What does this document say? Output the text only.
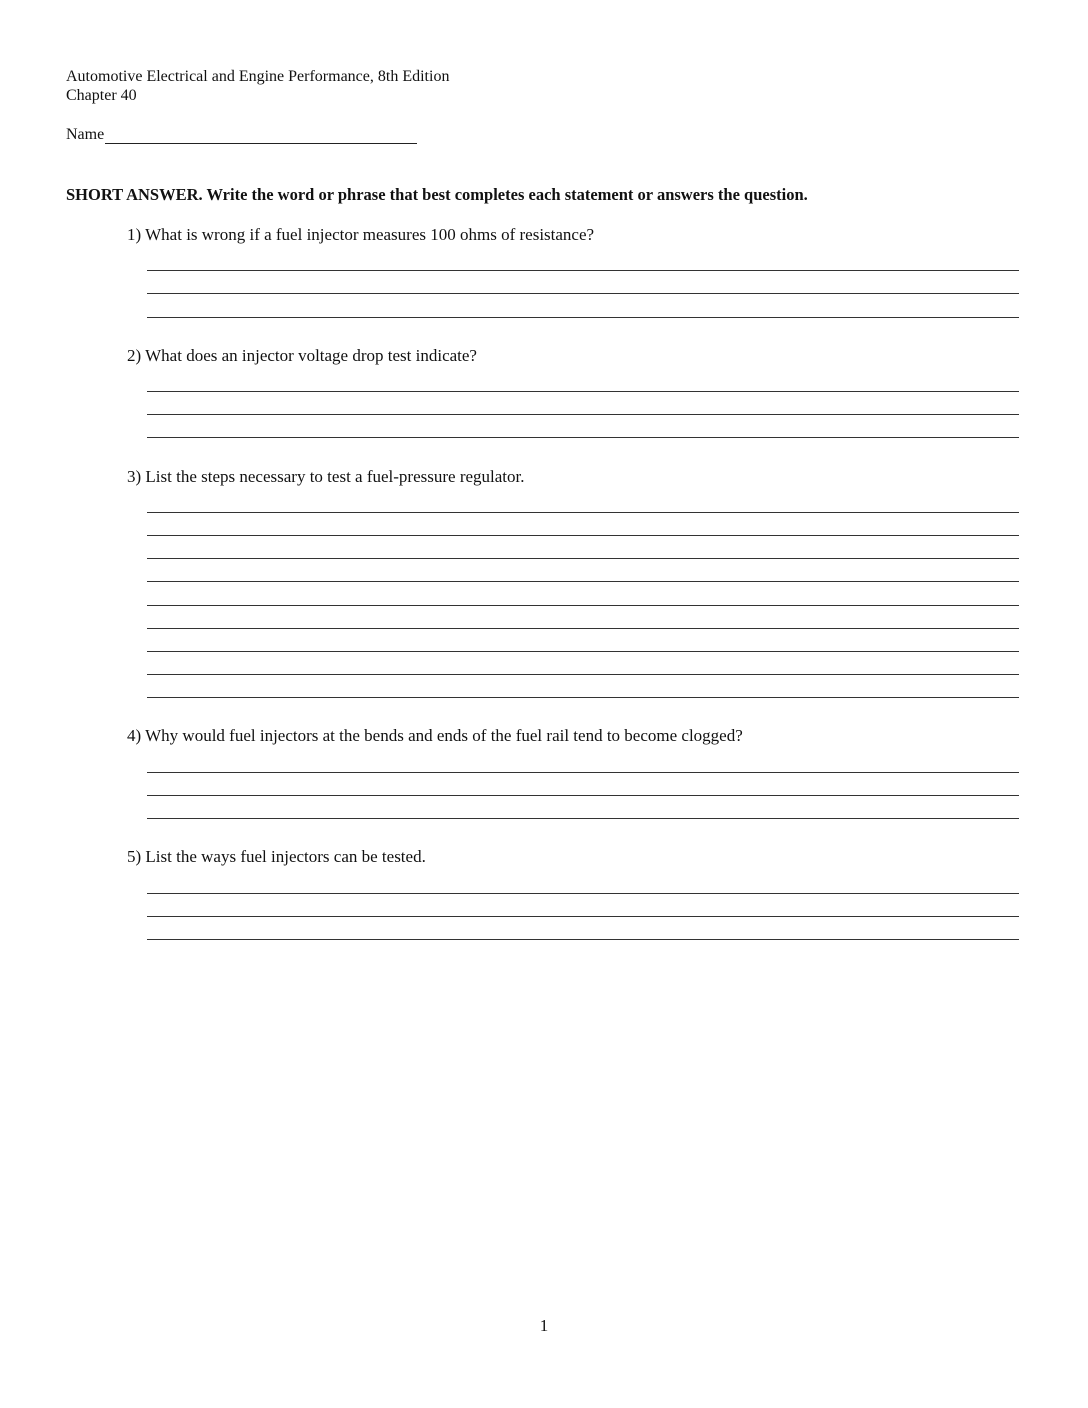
Automotive Electrical and Engine Performance, 8th Edition
Chapter 40
Name
SHORT ANSWER. Write the word or phrase that best completes each statement or answers the question.
1) What is wrong if a fuel injector measures 100 ohms of resistance?
2) What does an injector voltage drop test indicate?
3) List the steps necessary to test a fuel-pressure regulator.
4) Why would fuel injectors at the bends and ends of the fuel rail tend to become clogged?
5) List the ways fuel injectors can be tested.
1
